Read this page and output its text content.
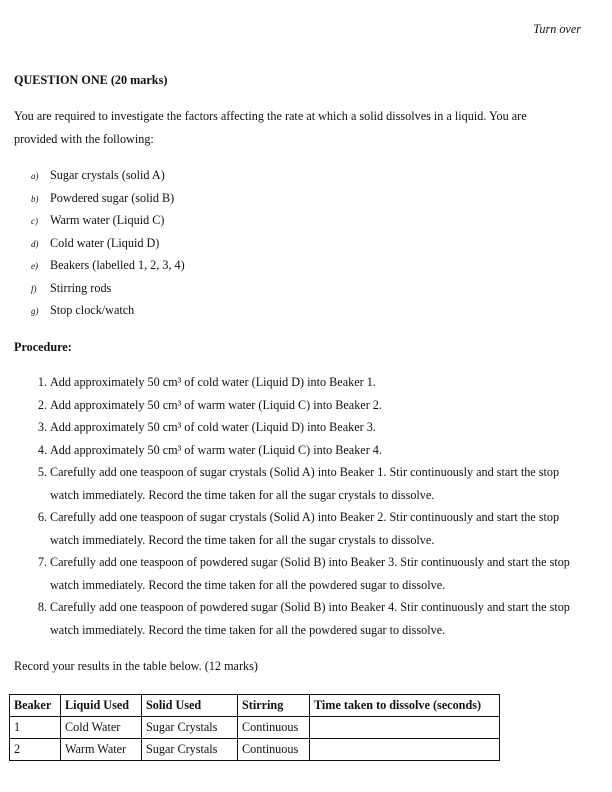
Turn over
QUESTION ONE (20 marks)
You are required to investigate the factors affecting the rate at which a solid dissolves in a liquid. You are
provided with the following:
a) Sugar crystals (solid A)
b) Powdered sugar (solid B)
c) Warm water (Liquid C)
d) Cold water (Liquid D)
e) Beakers (labelled 1, 2, 3, 4)
f) Stirring rods
g) Stop clock/watch
Procedure:
1. Add approximately 50 cm³ of cold water (Liquid D) into Beaker 1.
2. Add approximately 50 cm³ of warm water (Liquid C) into Beaker 2.
3. Add approximately 50 cm³ of cold water (Liquid D) into Beaker 3.
4. Add approximately 50 cm³ of warm water (Liquid C) into Beaker 4.
5. Carefully add one teaspoon of sugar crystals (Solid A) into Beaker 1. Stir continuously and start the stop watch immediately. Record the time taken for all the sugar crystals to dissolve.
6. Carefully add one teaspoon of sugar crystals (Solid A) into Beaker 2. Stir continuously and start the stop watch immediately. Record the time taken for all the sugar crystals to dissolve.
7. Carefully add one teaspoon of powdered sugar (Solid B) into Beaker 3. Stir continuously and start the stop watch immediately. Record the time taken for all the powdered sugar to dissolve.
8. Carefully add one teaspoon of powdered sugar (Solid B) into Beaker 4. Stir continuously and start the stop watch immediately. Record the time taken for all the powdered sugar to dissolve.
Record your results in the table below. (12 marks)
Beaker	Liquid Used	Solid Used	Stirring	Time taken to dissolve (seconds)
1	Cold Water	Sugar Crystals	Continuous	
2	Warm Water	Sugar Crystals	Continuous	
